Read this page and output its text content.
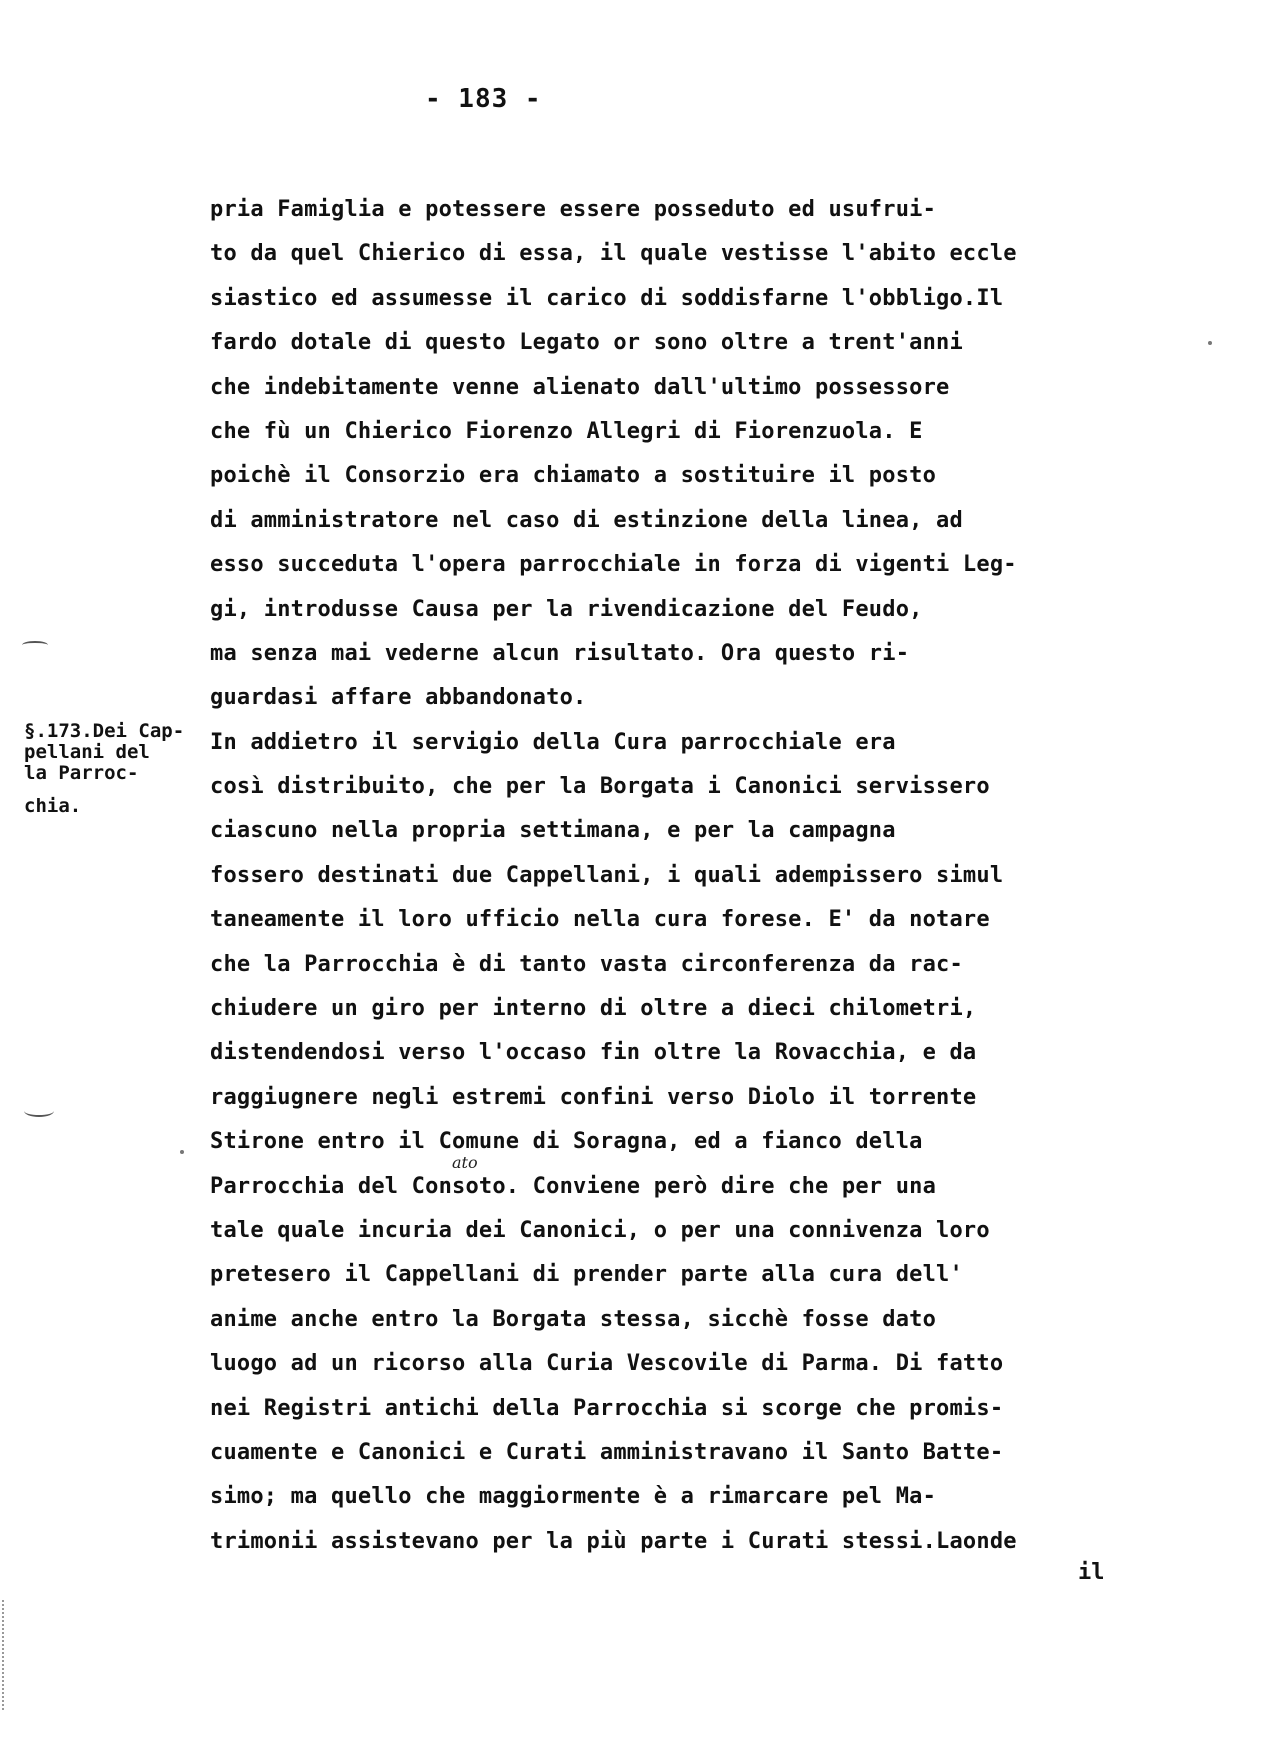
- 183 -
pria Famiglia e potessere essere posseduto ed usufrui-
to da quel Chierico di essa, il quale vestisse l'abito eccle
siastico ed assumesse il carico di soddisfarne l'obbligo.Il
fardo dotale di questo Legato or sono oltre a trent'anni
che indebitamente venne alienato dall'ultimo possessore
che fù un Chierico Fiorenzo Allegri di Fiorenzuola. E
poichè il Consorzio era chiamato a sostituire il posto
di amministratore nel caso di estinzione della linea, ad
esso succeduta l'opera parrocchiale in forza di vigenti Leg-
gi, introdusse Causa per la rivendicazione del Feudo,
ma senza mai vederne alcun risultato. Ora questo ri-
guardasi affare abbandonato.
In addietro il servigio della Cura parrocchiale era
così distribuito, che per la Borgata i Canonici servissero
ciascuno nella propria settimana, e per la campagna
fossero destinati due Cappellani, i quali adempissero simul
taneamente il loro ufficio nella cura forese. E' da notare
che la Parrocchia è di tanto vasta circonferenza da rac-
chiudere un giro per interno di oltre a dieci chilometri,
distendendosi verso l'occaso fin oltre la Rovacchia, e da
raggiugnere negli estremi confini verso Diolo il torrente
Stirone entro il Comune di Soragna, ed a fianco della
Parrocchia del Consoto. Conviene però dire che per una
tale quale incuria dei Canonici, o per una connivenza loro
pretesero il Cappellani di prender parte alla cura dell'
anime anche entro la Borgata stessa, sicchè fosse dato
luogo ad un ricorso alla Curia Vescovile di Parma. Di fatto
nei Registri antichi della Parrocchia si scorge che promis-
cuamente e Canonici e Curati amministravano il Santo Batte-
simo; ma quello che maggiormente è a rimarcare pel Ma-
trimonii assistevano per la più parte i Curati stessi.Laonde
§.173.Dei Cap-
pellani del
la Parroc-
chia.
ato
il
